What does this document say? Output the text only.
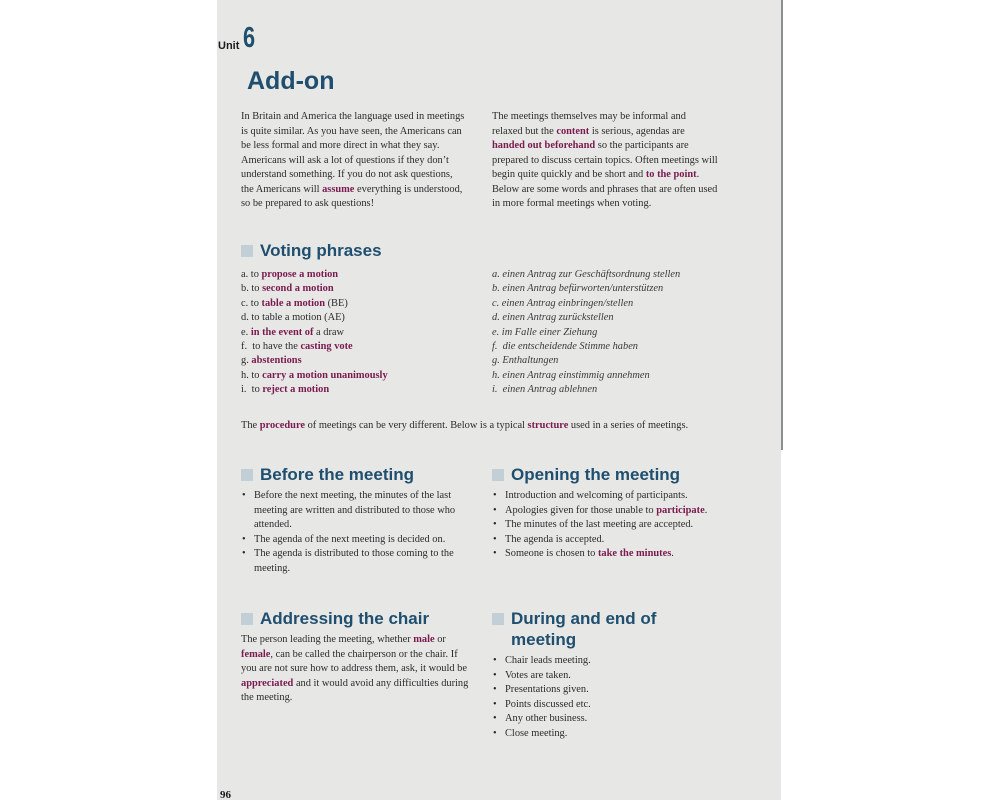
Unit 6
Add-on

In Britain and America the language used in meetings is quite similar. As you have seen, the Americans can be less formal and more direct in what they say. Americans will ask a lot of questions if they don’t understand something. If you do not ask questions, the Americans will assume everything is understood, so be prepared to ask questions!

The meetings themselves may be informal and relaxed but the content is serious, agendas are handed out beforehand so the participants are prepared to discuss certain topics. Often meetings will begin quite quickly and be short and to the point. Below are some words and phrases that are often used in more formal meetings when voting.

Voting phrases
a. to propose a motion
b. to second a motion
c. to table a motion (BE)
d. to table a motion (AE)
e. in the event of a draw
f.  to have the casting vote
g. abstentions
h. to carry a motion unanimously
i.  to reject a motion
a. einen Antrag zur Geschäftsordnung stellen
b. einen Antrag befürworten/unterstützen
c. einen Antrag einbringen/stellen
d. einen Antrag zurückstellen
e. im Falle einer Ziehung
f.  die entscheidende Stimme haben
g. Enthaltungen
h. einen Antrag einstimmig annehmen
i.  einen Antrag ablehnen

The procedure of meetings can be very different. Below is a typical structure used in a series of meetings.

Before the meeting
• Before the next meeting, the minutes of the last meeting are written and distributed to those who attended.
• The agenda of the next meeting is decided on.
• The agenda is distributed to those coming to the meeting.
Opening the meeting
• Introduction and welcoming of participants.
• Apologies given for those unable to participate.
• The minutes of the last meeting are accepted.
• The agenda is accepted.
• Someone is chosen to take the minutes.
Addressing the chair

The person leading the meeting, whether male or female, can be called the chairperson or the chair. If you are not sure how to address them, ask, it would be appreciated and it would avoid any difficulties during the meeting.

During and end of
meeting
• Chair leads meeting.
• Votes are taken.
• Presentations given.
• Points discussed etc.
• Any other business.
• Close meeting.
96
